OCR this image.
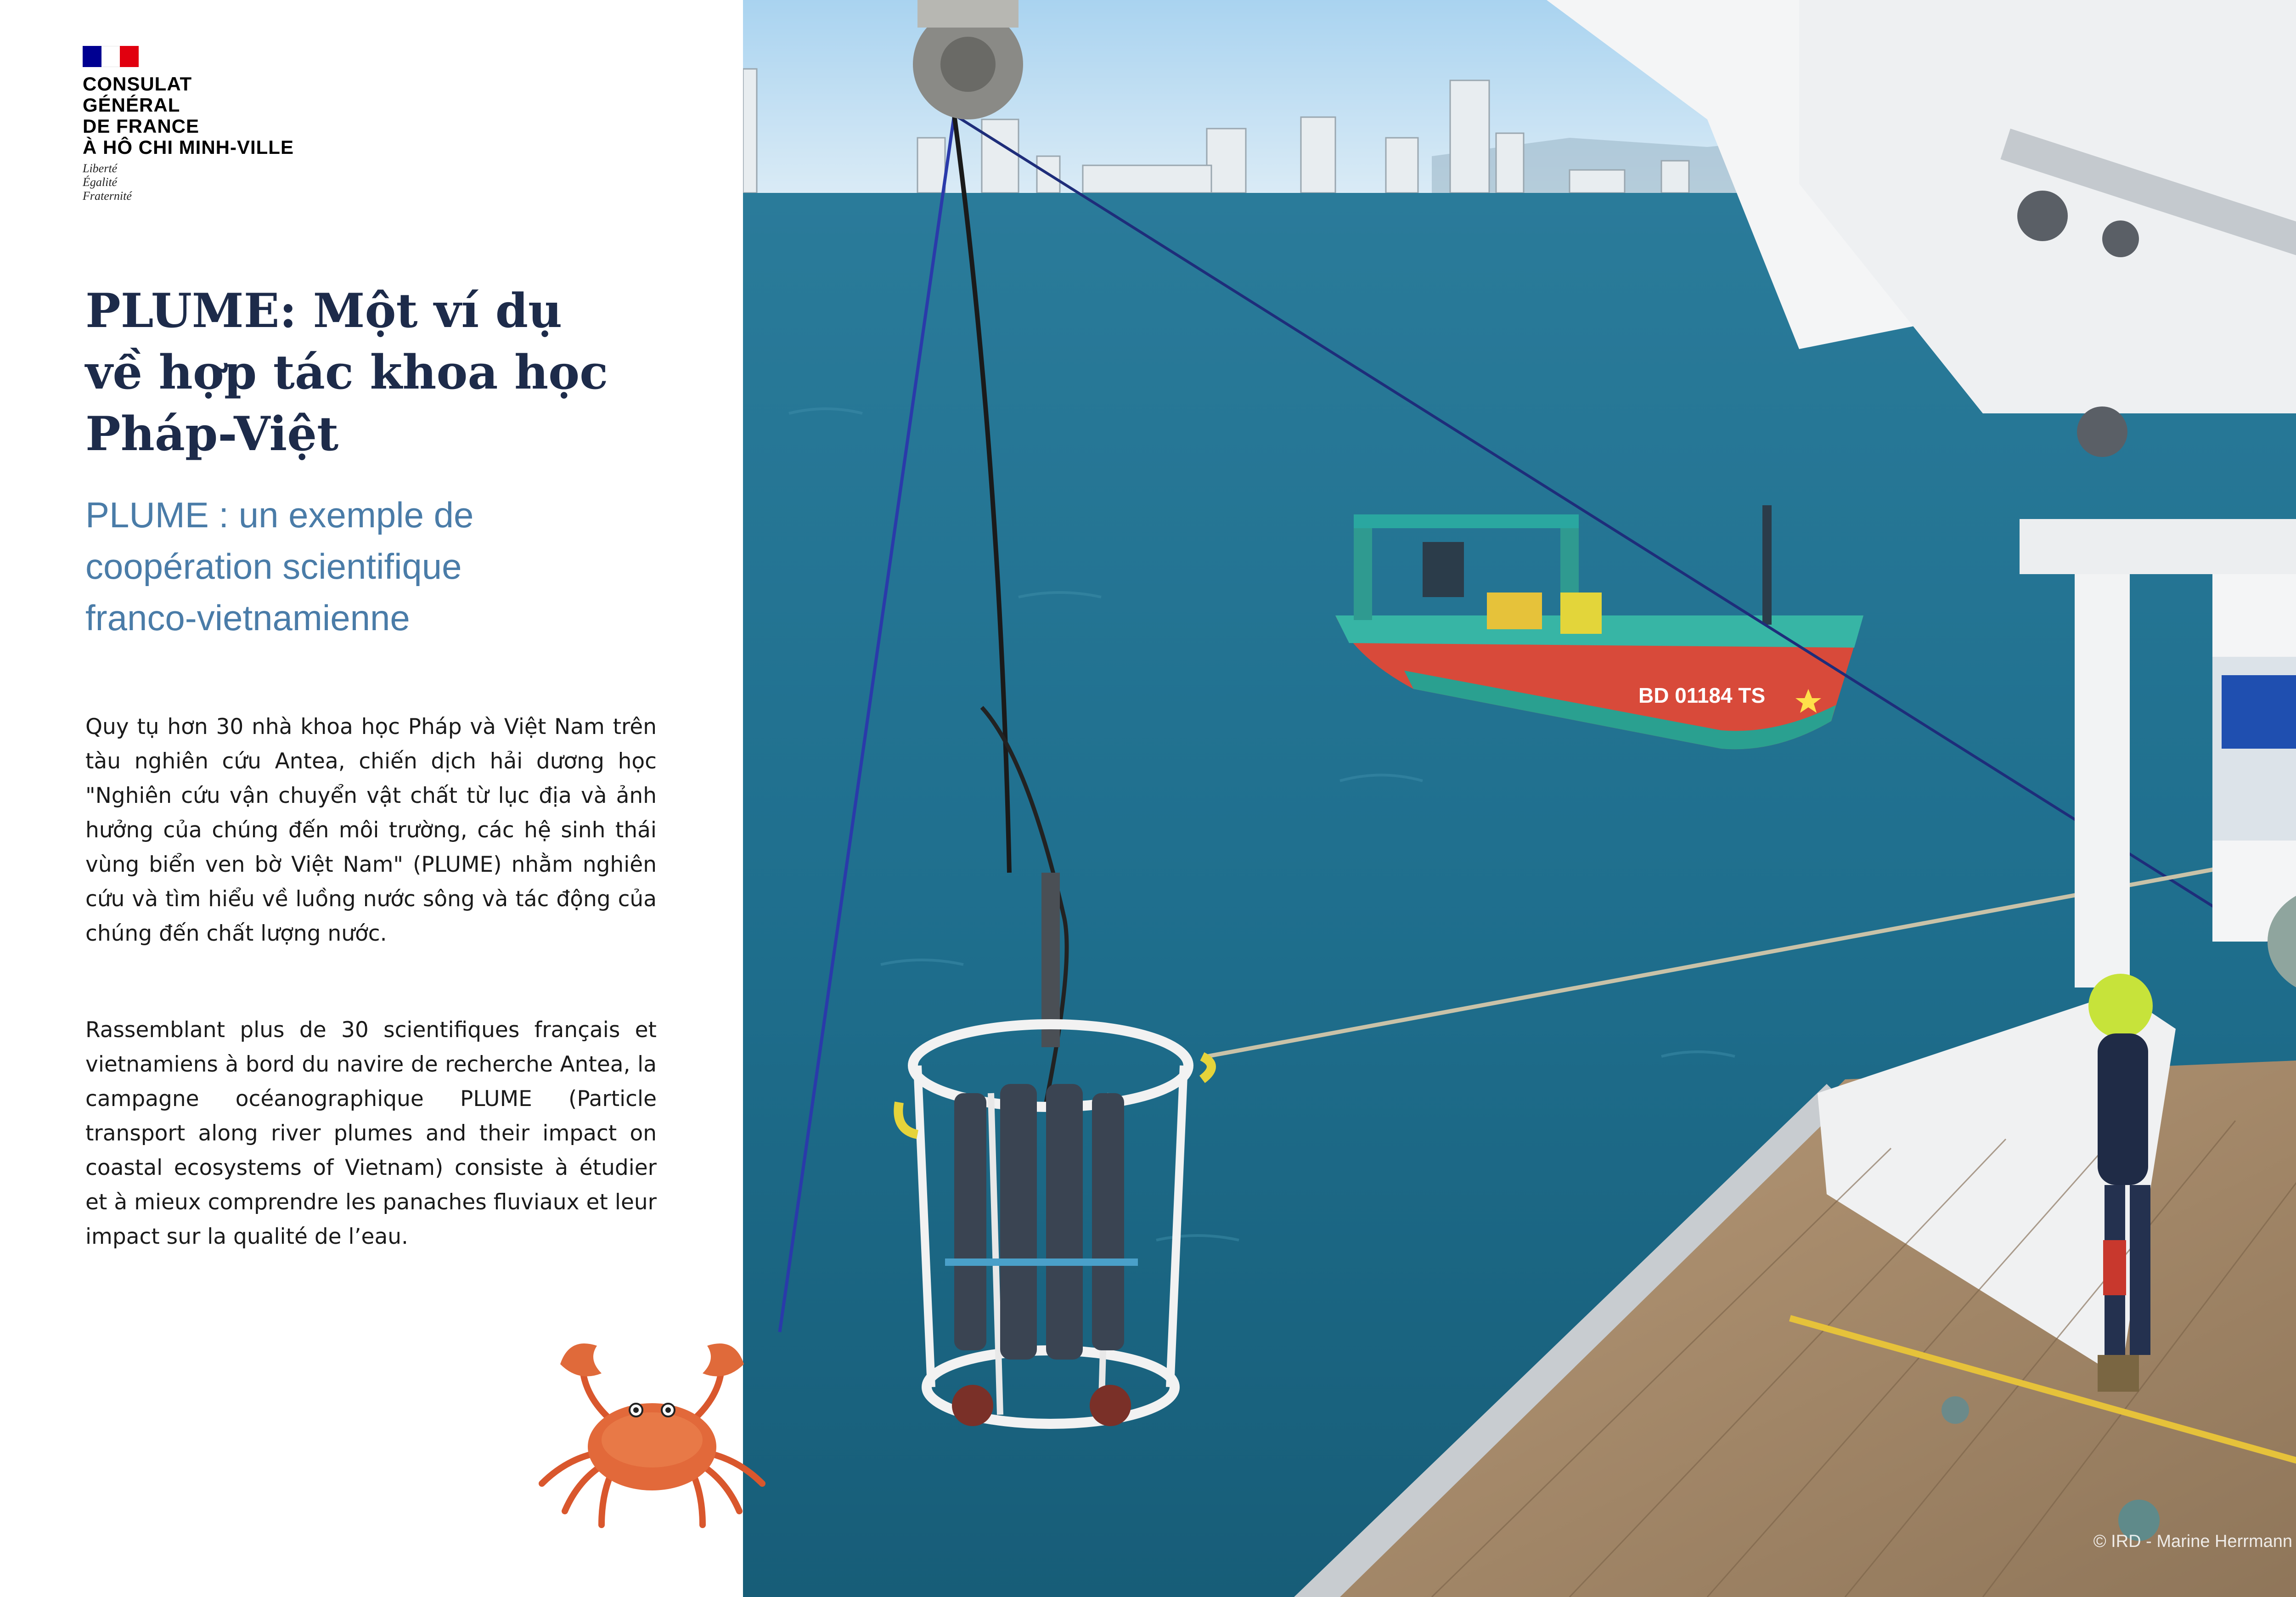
CONSULAT
GÉNÉRAL
DE FRANCE
À HÔ CHI MINH-VILLE
Liberté
Égalité
Fraternité
PLUME: Một ví dụ
về hợp tác khoa học
Pháp-Việt
PLUME : un exemple de
coopération scientifique
franco-vietnamienne

Quy tụ hơn 30 nhà khoa học Pháp và Việt Nam trên tàu nghiên cứu Antea, chiến dịch hải dương học "Nghiên cứu vận chuyển vật chất từ lục địa và ảnh hưởng của chúng đến môi trường, các hệ sinh thái vùng biển ven bờ Việt Nam" (PLUME) nhằm nghiên cứu và tìm hiểu về luồng nước sông và tác động của chúng đến chất lượng nước.

Rassemblant plus de 30 scientifiques français et vietnamiens à bord du navire de recherche Antea, la campagne océanographique PLUME (Particle transport along river plumes and their impact on coastal ecosystems of Vietnam) consiste à étudier et à mieux comprendre les panaches fluviaux et leur impact sur la qualité de l’eau.

BD 01184 TS
© IRD - Marine Herrmann
